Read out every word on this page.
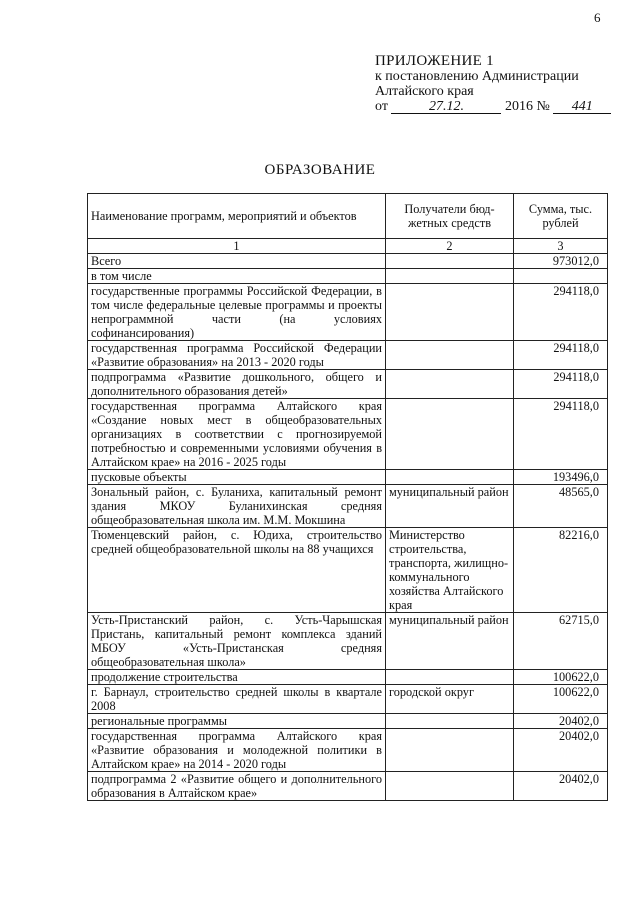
6
ПРИЛОЖЕНИЕ 1
к постановлению Администрации
Алтайского края
от	27.12.	2016 № 441
ОБРАЗОВАНИЕ
Наименование программ, мероприятий и объектов	Получатели бюд-жетных средств	Сумма, тыс. рублей
1	2	3
Всего		973012,0
в том числе		
государственные программы Российской Федерации, в том числе федеральные целевые программы и проекты непрограммной части (на условиях софинансирования)		294118,0
государственная программа Российской Федерации «Развитие образования» на 2013 - 2020 годы		294118,0
подпрограмма «Развитие дошкольного, общего и дополнительного образования детей»		294118,0
государственная программа Алтайского края «Создание новых мест в общеобразовательных организациях в соответствии с прогнозируемой потребностью и современными условиями обучения в Алтайском крае» на 2016 - 2025 годы		294118,0
пусковые объекты		193496,0
Зональный район, с. Буланиха, капитальный ремонт здания МКОУ Буланихинская средняя общеобразовательная школа им. М.М. Мокшина	муниципальный район	48565,0
Тюменцевский район, с. Юдиха, строительство средней общеобразовательной школы на 88 учащихся	Министерство строительства, транспорта, жилищно-коммунального хозяйства Алтайского края	82216,0
Усть-Пристанский район, с. Усть-Чарышская Пристань, капитальный ремонт комплекса зданий МБОУ «Усть-Пристанская средняя общеобразовательная школа»	муниципальный район	62715,0
продолжение строительства		100622,0
г. Барнаул, строительство средней школы в квартале 2008	городской округ	100622,0
региональные программы		20402,0
государственная программа Алтайского края «Развитие образования и молодежной политики в Алтайском крае» на 2014 - 2020 годы		20402,0
подпрограмма 2 «Развитие общего и дополнительного образования в Алтайском крае»		20402,0
